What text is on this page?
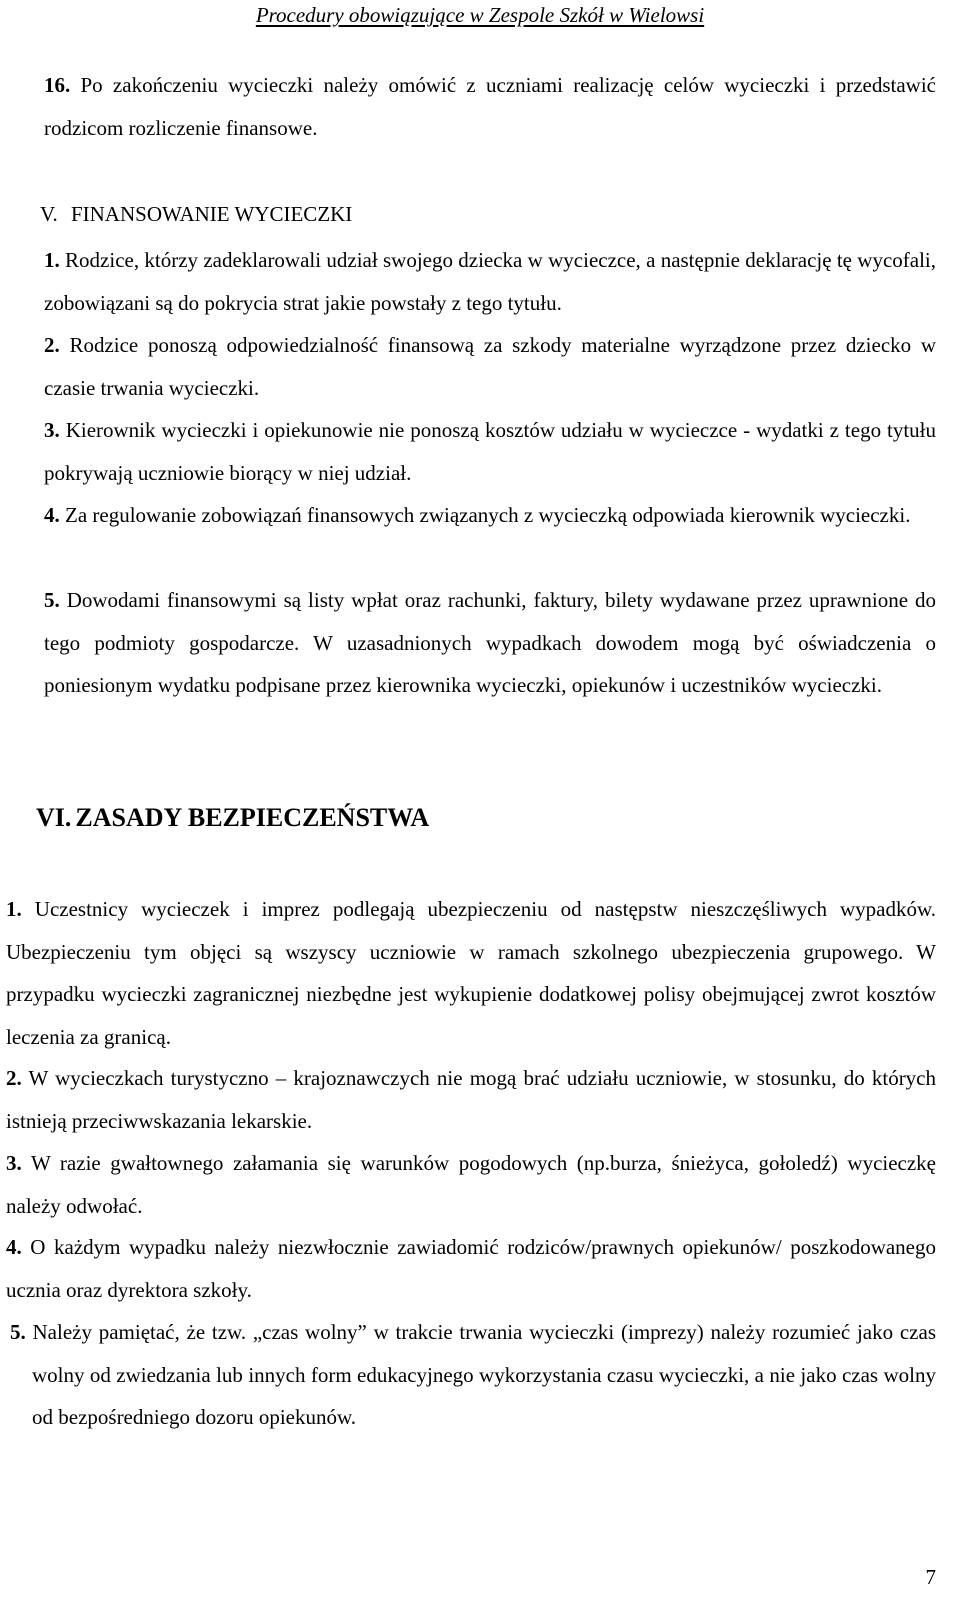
Procedury obowiązujące w Zespole Szkół w Wielowsi

16. Po zakończeniu wycieczki należy omówić z uczniami realizację celów wycieczki i przedstawić rodzicom rozliczenie finansowe.

V. FINANSOWANIE WYCIECZKI

1. Rodzice, którzy zadeklarowali udział swojego dziecka w wycieczce, a następnie deklarację tę wycofali, zobowiązani są do pokrycia strat jakie powstały z tego tytułu.

2. Rodzice ponoszą odpowiedzialność finansową za szkody materialne wyrządzone przez dziecko w czasie trwania wycieczki.

3. Kierownik wycieczki i opiekunowie nie ponoszą kosztów udziału w wycieczce - wydatki z tego tytułu pokrywają uczniowie biorący w niej udział.

4. Za regulowanie zobowiązań finansowych związanych z wycieczką odpowiada kierownik wycieczki.

5. Dowodami finansowymi są listy wpłat oraz rachunki, faktury, bilety wydawane przez uprawnione do tego podmioty gospodarcze. W uzasadnionych wypadkach dowodem mogą być oświadczenia o poniesionym wydatku podpisane przez kierownika wycieczki, opiekunów i uczestników wycieczki.

VI. ZASADY BEZPIECZEŃSTWA

1. Uczestnicy wycieczek i imprez podlegają ubezpieczeniu od następstw nieszczęśliwych wypadków. Ubezpieczeniu tym objęci są wszyscy uczniowie w ramach szkolnego ubezpieczenia grupowego. W przypadku wycieczki zagranicznej niezbędne jest wykupienie dodatkowej polisy obejmującej zwrot kosztów leczenia za granicą.

2. W wycieczkach turystyczno – krajoznawczych nie mogą brać udziału uczniowie, w stosunku, do których istnieją przeciwwskazania lekarskie.

3. W razie gwałtownego załamania się warunków pogodowych (np.burza, śnieżyca, gołoledź) wycieczkę należy odwołać.

4. O każdym wypadku należy niezwłocznie zawiadomić rodziców/prawnych opiekunów/ poszkodowanego ucznia oraz dyrektora szkoły.

5. Należy pamiętać, że tzw. „czas wolny” w trakcie trwania wycieczki (imprezy) należy rozumieć jako czas wolny od zwiedzania lub innych form edukacyjnego wykorzystania czasu wycieczki, a nie jako czas wolny od bezpośredniego dozoru opiekunów.

7
